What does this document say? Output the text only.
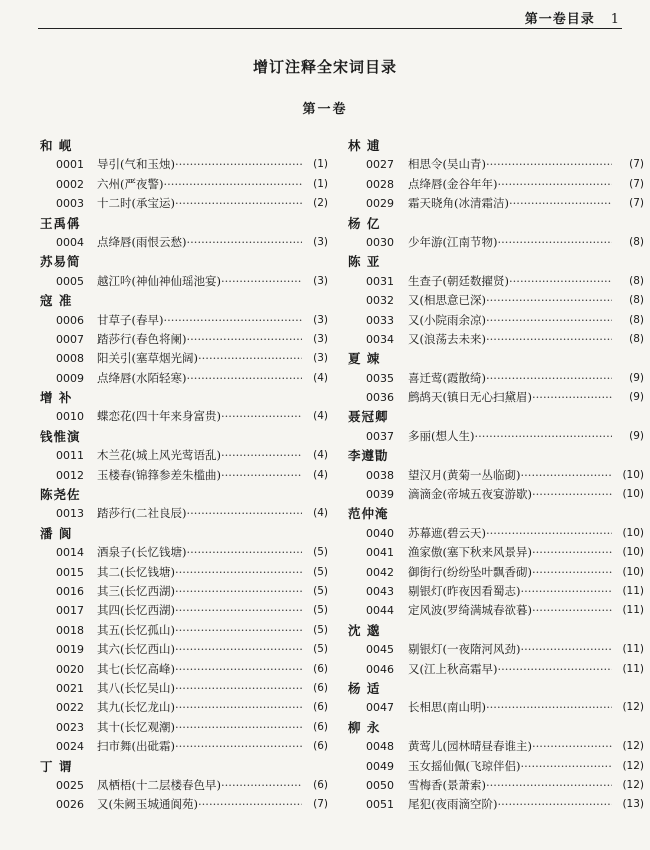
第一卷目录 1
增订注释全宋词目录
第一卷
和 岘
0001	导引(气和玉烛) ·····	(1)
0002	六州(严夜警) ·····	(1)
0003	十二时(承宝运) ·····	(2)
王禹偁
0004	点绛唇(雨恨云愁) ·····	(3)
苏易简
0005	越江吟(神仙神仙瑶池宴) ·····	(3)
寇 准
0006	甘草子(春早) ·····	(3)
0007	踏莎行(春色将阑) ·····	(3)
0008	阳关引(塞草烟光阔) ·····	(3)
0009	点绛唇(水陌轻寒) ·····	(4)
增 补
0010	蝶恋花(四十年来身富贵) ·····	(4)
钱惟演
0011	木兰花(城上风光莺语乱) ·····	(4)
0012	玉楼春(锦箨参差朱槛曲) ·····	(4)
陈尧佐
0013	踏莎行(二社良辰) ·····	(4)
潘 阆
0014	酒泉子(长忆钱塘) ·····	(5)
0015	其二(长忆钱塘) ·····	(5)
0016	其三(长忆西湖) ·····	(5)
0017	其四(长忆西湖) ·····	(5)
0018	其五(长忆孤山) ·····	(5)
0019	其六(长忆西山) ·····	(5)
0020	其七(长忆高峰) ·····	(6)
0021	其八(长忆吴山) ·····	(6)
0022	其九(长忆龙山) ·····	(6)
0023	其十(长忆观潮) ·····	(6)
0024	扫市舞(出砒霜) ·····	(6)
丁 谓
0025	凤栖梧(十二层楼春色早) ·····	(6)
0026	又(朱阙玉城通阆苑) ·····	(7)
林 逋
0027	相思令(吴山青) ·····	(7)
0028	点绛唇(金谷年年) ·····	(7)
0029	霜天晓角(冰清霜洁) ·····	(7)
杨 亿
0030	少年游(江南节物) ·····	(8)
陈 亚
0031	生查子(朝廷数擢贤) ·····	(8)
0032	又(相思意已深) ·····	(8)
0033	又(小院雨余凉) ·····	(8)
0034	又(浪荡去未来) ·····	(8)
夏 竦
0035	喜迁莺(霞散绮) ·····	(9)
0036	鹧鸪天(镇日无心扫黛眉) ·····	(9)
聂冠卿
0037	多丽(想人生) ·····	(9)
李遵勖
0038	望汉月(黄菊一丛临砌) ·····	(10)
0039	滴滴金(帝城五夜宴游歇) ·····	(10)
范仲淹
0040	苏幕遮(碧云天) ·····	(10)
0041	渔家傲(塞下秋来风景异) ·····	(10)
0042	御街行(纷纷坠叶飘香砌) ·····	(10)
0043	剔银灯(昨夜因看蜀志) ·····	(11)
0044	定风波(罗绮满城春欲暮) ·····	(11)
沈 邈
0045	剔银灯(一夜隋河风劲) ·····	(11)
0046	又(江上秋高霜早) ·····	(11)
杨 适
0047	长相思(南山明) ·····	(12)
柳 永
0048	黄莺儿(园林晴昼春谁主) ·····	(12)
0049	玉女摇仙佩(飞琼伴侣) ·····	(12)
0050	雪梅香(景萧索) ·····	(12)
0051	尾犯(夜雨滴空阶) ·····	(13)
